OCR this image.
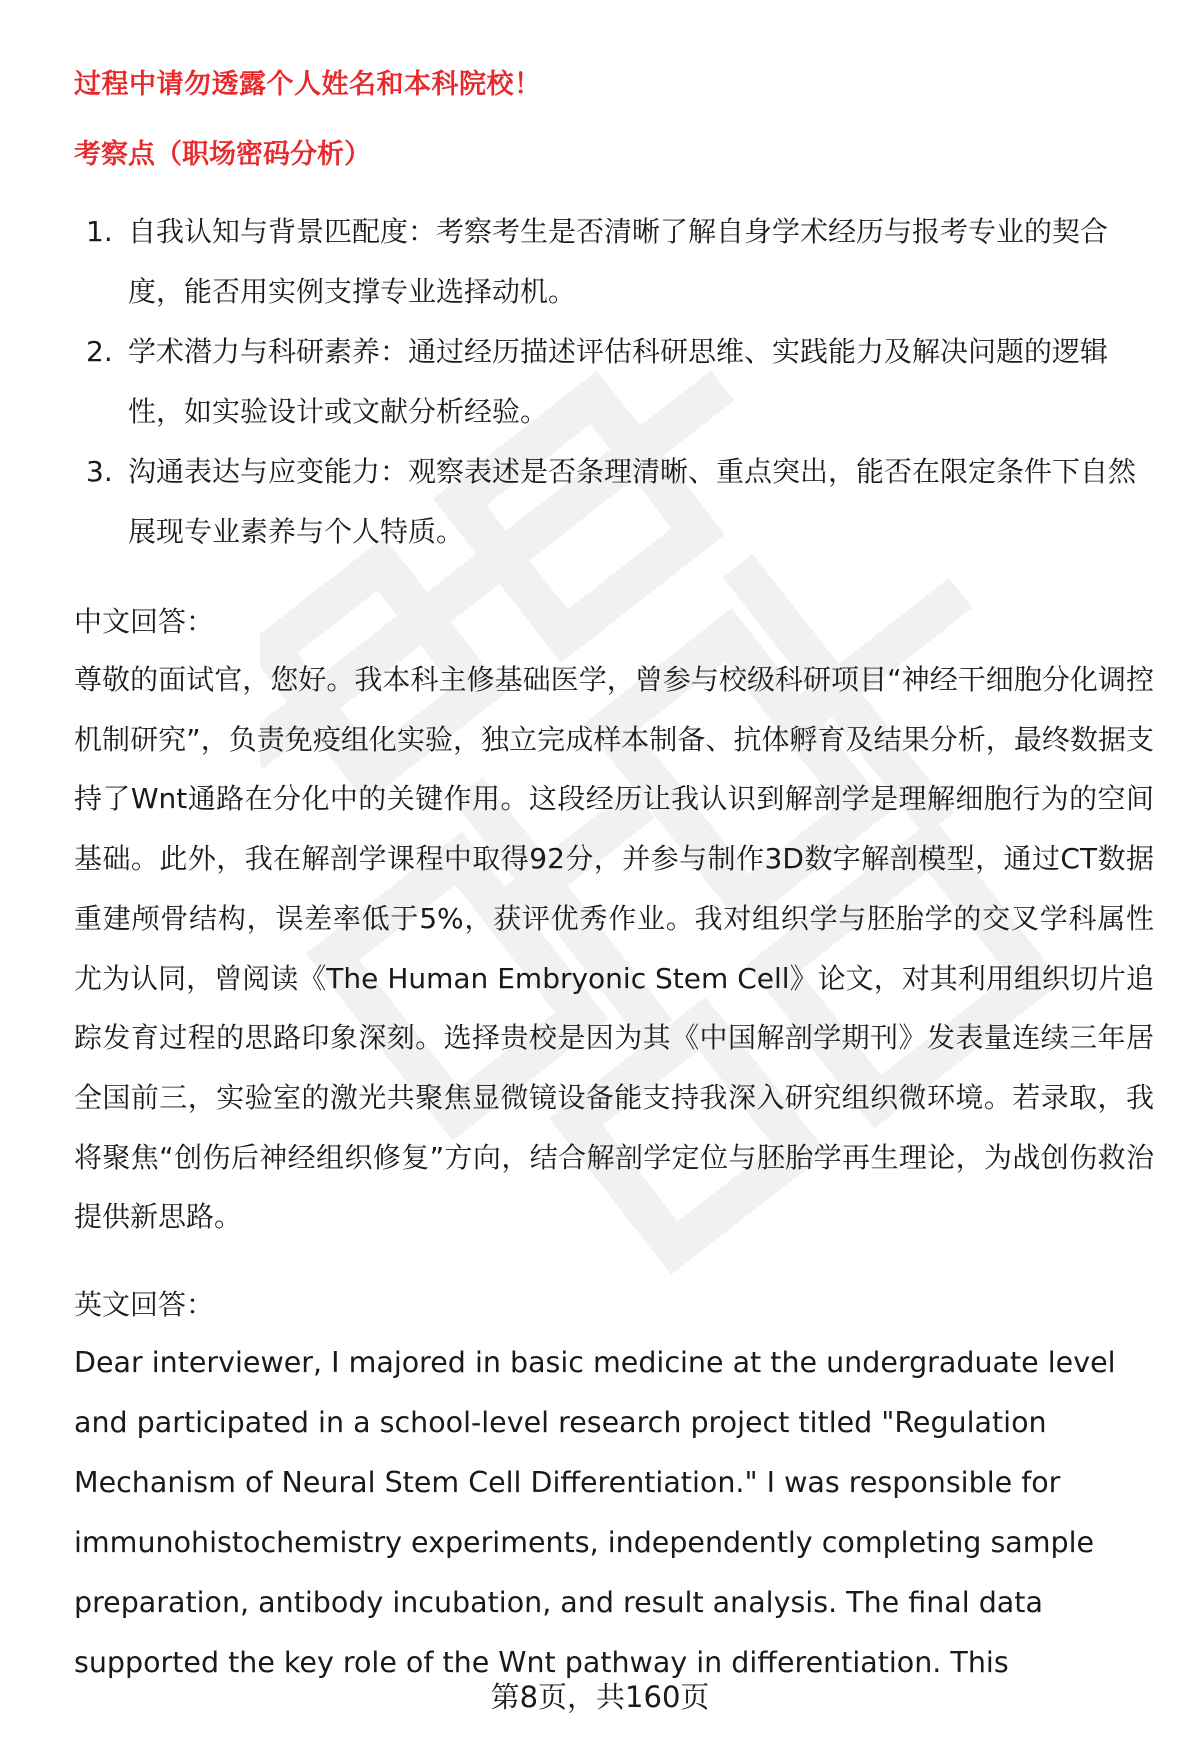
过程中请勿透露个人姓名和本科院校！
考察点（职场密码分析）
1. 自我认知与背景匹配度：考察考生是否清晰了解自身学术经历与报考专业的契合度，能否用实例支撑专业选择动机。
2. 学术潜力与科研素养：通过经历描述评估科研思维、实践能力及解决问题的逻辑性，如实验设计或文献分析经验。
3. 沟通表达与应变能力：观察表述是否条理清晰、重点突出，能否在限定条件下自然展现专业素养与个人特质。
中文回答：

尊敬的面试官，您好。我本科主修基础医学，曾参与校级科研项目“神经干细胞分化调控机制研究”，负责免疫组化实验，独立完成样本制备、抗体孵育及结果分析，最终数据支持了Wnt通路在分化中的关键作用。这段经历让我认识到解剖学是理解细胞行为的空间基础。此外，我在解剖学课程中取得92分，并参与制作3D数字解剖模型，通过CT数据重建颅骨结构，误差率低于5%，获评优秀作业。我对组织学与胚胎学的交叉学科属性尤为认同，曾阅读《The Human Embryonic Stem Cell》论文，对其利用组织切片追踪发育过程的思路印象深刻。选择贵校是因为其《中国解剖学期刊》发表量连续三年居全国前三，实验室的激光共聚焦显微镜设备能支持我深入研究组织微环境。若录取，我将聚焦“创伤后神经组织修复”方向，结合解剖学定位与胚胎学再生理论，为战创伤救治提供新思路。

英文回答：
Dear interviewer, I majored in basic medicine at the undergraduate level
and participated in a school-level research project titled "Regulation
Mechanism of Neural Stem Cell Differentiation." I was responsible for
immunohistochemistry experiments, independently completing sample
preparation, antibody incubation, and result analysis. The final data
supported the key role of the Wnt pathway in differentiation. This
第8页，共160页
